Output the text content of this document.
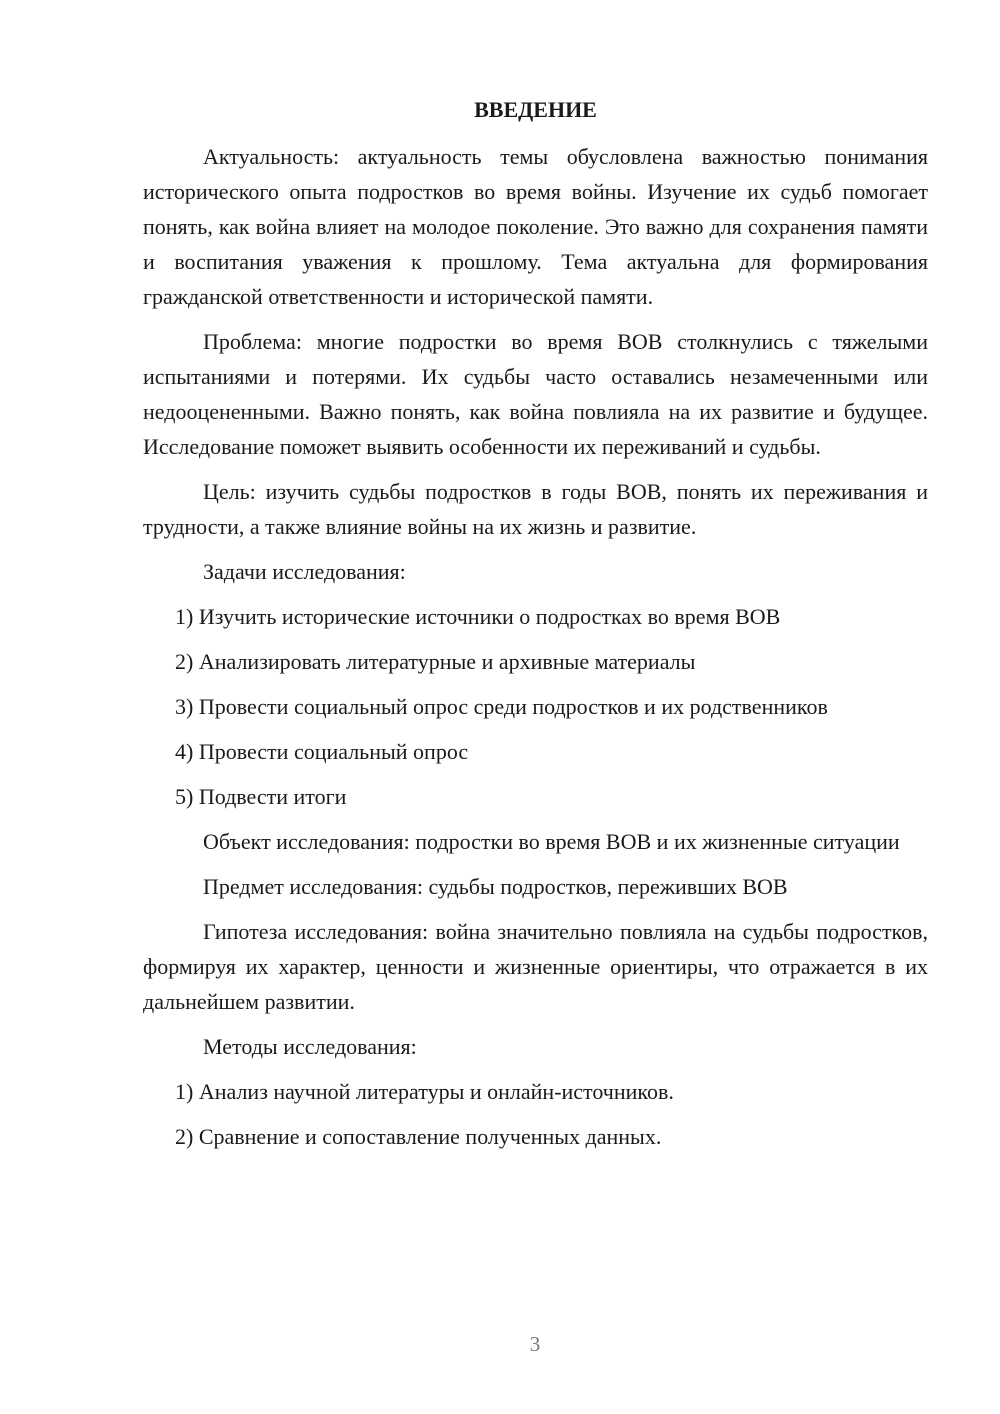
ВВЕДЕНИЕ

Актуальность: актуальность темы обусловлена важностью понимания исторического опыта подростков во время войны. Изучение их судьб помогает понять, как война влияет на молодое поколение. Это важно для сохранения памяти и воспитания уважения к прошлому. Тема актуальна для формирования гражданской ответственности и исторической памяти.

Проблема: многие подростки во время ВОВ столкнулись с тяжелыми испытаниями и потерями. Их судьбы часто оставались незамеченными или недооцененными. Важно понять, как война повлияла на их развитие и будущее. Исследование поможет выявить особенности их переживаний и судьбы.

Цель: изучить судьбы подростков в годы ВОВ, понять их переживания и трудности, а также влияние войны на их жизнь и развитие.

Задачи исследования:

1) Изучить исторические источники о подростках во время ВОВ

2) Анализировать литературные и архивные материалы

3) Провести социальный опрос среди подростков и их родственников

4) Провести социальный опрос

5) Подвести итоги

Объект исследования: подростки во время ВОВ и их жизненные ситуации

Предмет исследования: судьбы подростков, переживших ВОВ

Гипотеза исследования: война значительно повлияла на судьбы подростков, формируя их характер, ценности и жизненные ориентиры, что отражается в их дальнейшем развитии.

Методы исследования:

1) Анализ научной литературы и онлайн-источников.

2) Сравнение и сопоставление полученных данных.

3
